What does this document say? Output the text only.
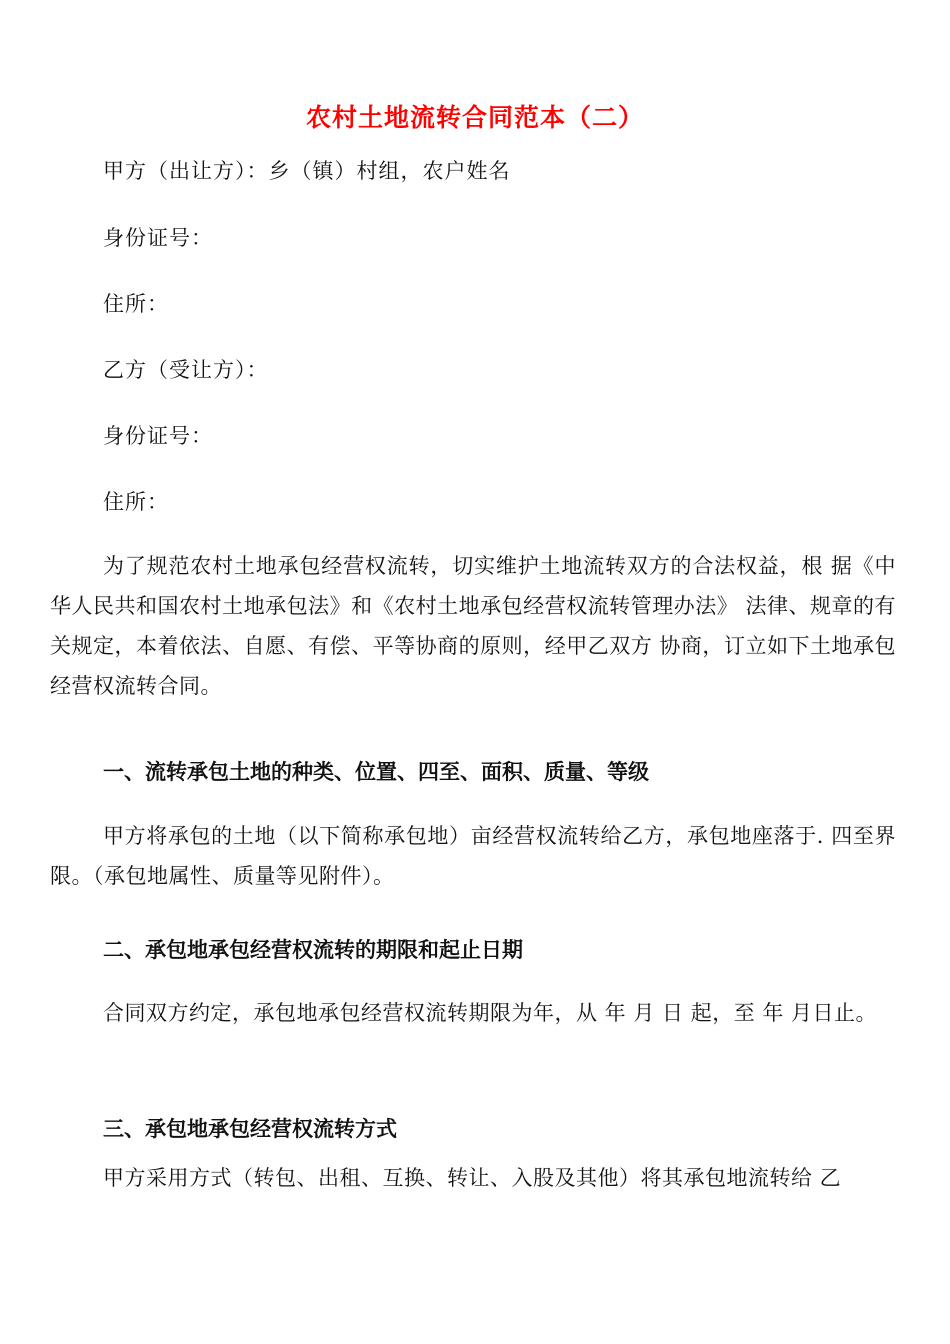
农村土地流转合同范本（二）
甲方（出让方）：乡（镇）村组，农户姓名
身份证号：
住所：
乙方（受让方）：
身份证号：
住所：
为了规范农村土地承包经营权流转，切实维护土地流转双方的合法权益，根 据《中华人民共和国农村土地承包法》和《农村土地承包经营权流转管理办法》 法律、规章的有关规定，本着依法、自愿、有偿、平等协商的原则，经甲乙双方 协商，订立如下土地承包经营权流转合同。
一、流转承包土地的种类、位置、四至、面积、质量、等级
甲方将承包的土地（以下简称承包地）亩经营权流转给乙方，承包地座落于. 四至界限。（承包地属性、质量等见附件）。
二、承包地承包经营权流转的期限和起止日期
合同双方约定，承包地承包经营权流转期限为年，从 年 月 日 起，至 年 月日止。
三、承包地承包经营权流转方式
甲方采用方式（转包、出租、互换、转让、入股及其他）将其承包地流转给 乙
